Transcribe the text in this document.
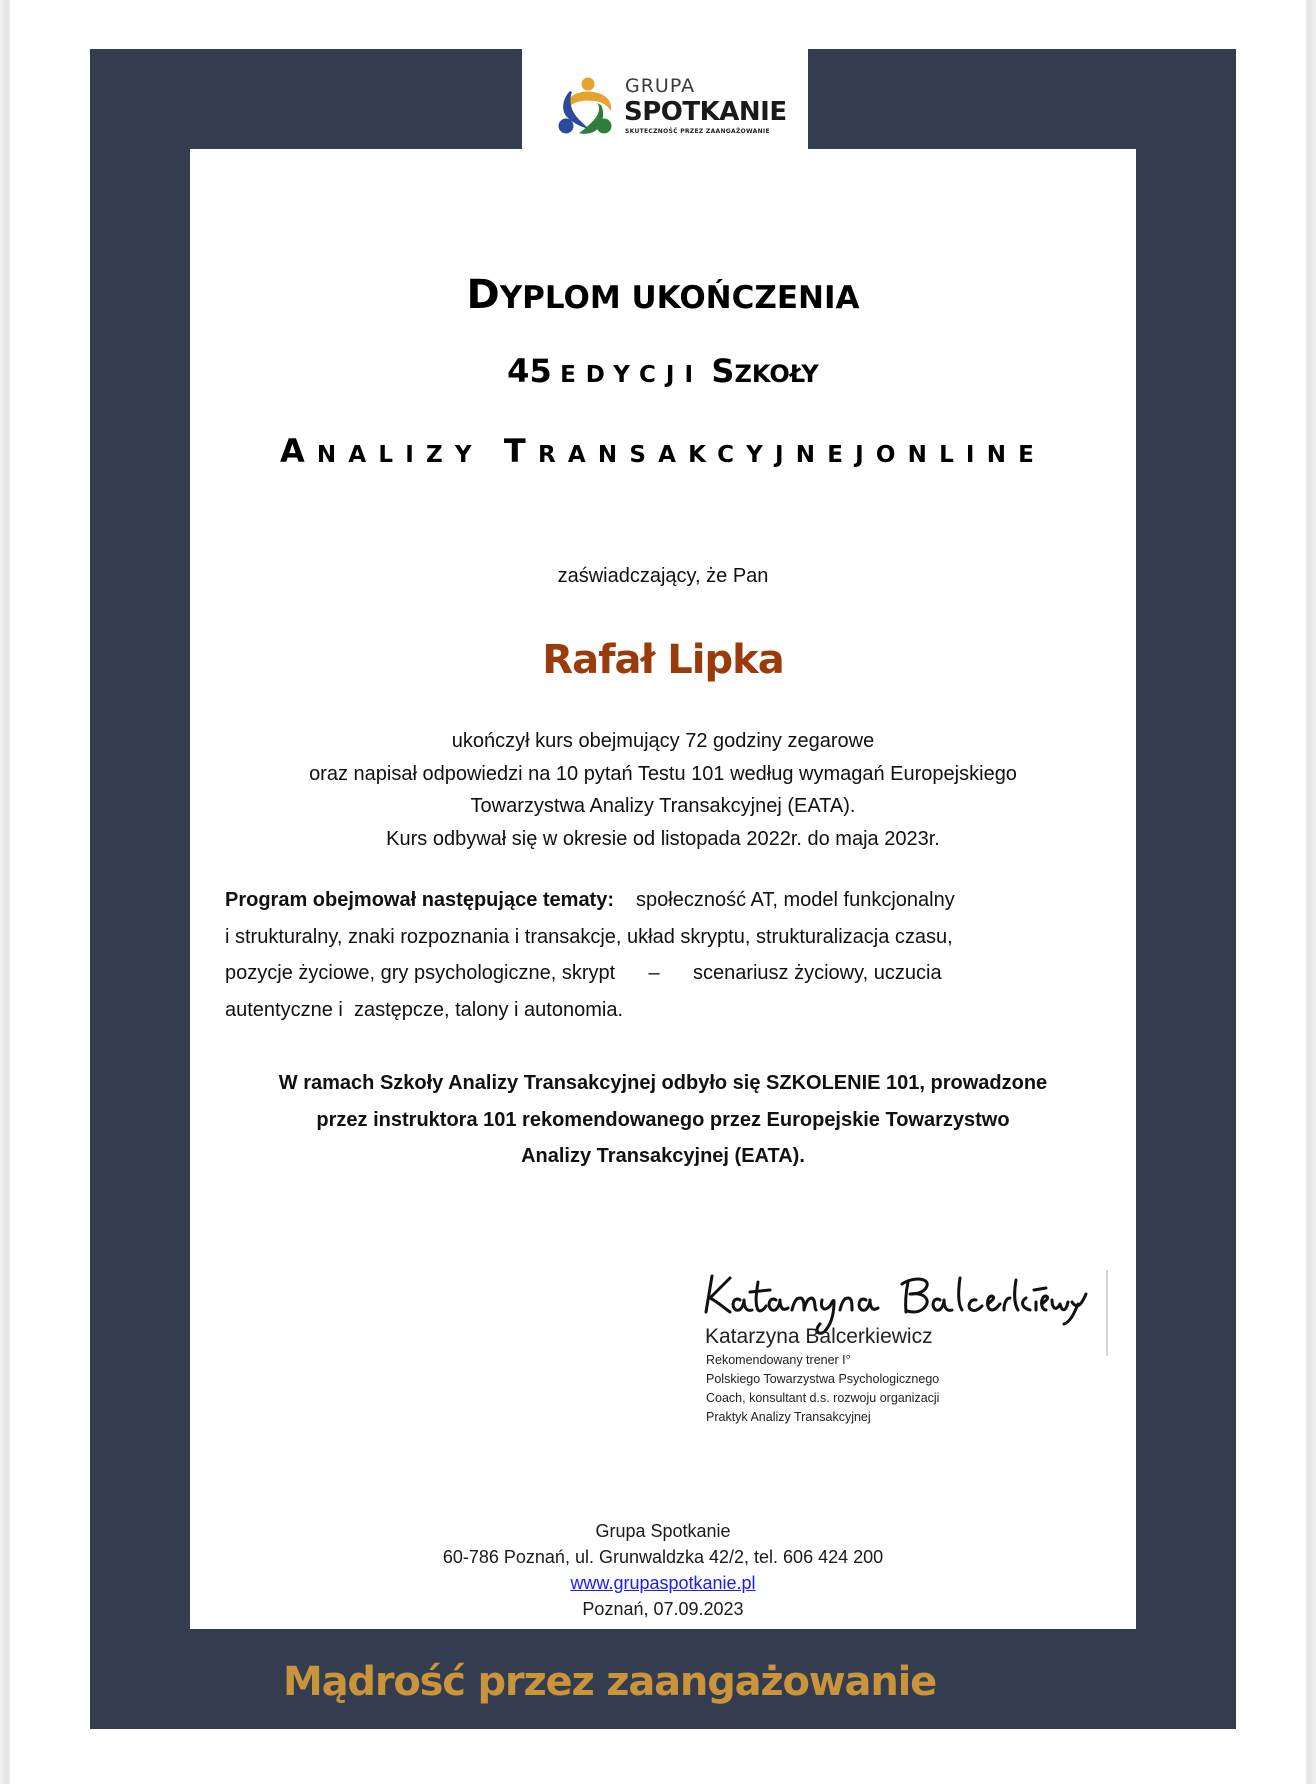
GRUPA
SPOTKANIE
SKUTECZNOŚĆ PRZEZ ZAANGAŻOWANIE
DYPLOM UKOŃCZENIA
45 EDYCJI SZKOŁY
ANALIZY TRANSAKCYJNEJONLINE
zaświadczający, że Pan
Rafał Lipka
ukończył kurs obejmujący 72 godziny zegarowe
oraz napisał odpowiedzi na 10 pytań Testu 101 według wymagań Europejskiego
Towarzystwa Analizy Transakcyjnej (EATA).
Kurs odbywał się w okresie od listopada 2022r. do maja 2023r.
Program obejmował następujące tematy: społeczność AT, model funkcjonalny
i strukturalny, znaki rozpoznania i transakcje, układ skryptu, strukturalizacja czasu,
pozycje życiowe, gry psychologiczne, skrypt      –      scenariusz życiowy, uczucia
autentyczne i  zastępcze, talony i autonomia.
W ramach Szkoły Analizy Transakcyjnej odbyło się SZKOLENIE 101, prowadzone
przez instruktora 101 rekomendowanego przez Europejskie Towarzystwo
Analizy Transakcyjnej (EATA).
Katarzyna Balcerkiewicz
Rekomendowany trener I°
Polskiego Towarzystwa Psychologicznego
Coach, konsultant d.s. rozwoju organizacji
Praktyk Analizy Transakcyjnej
Grupa Spotkanie
60-786 Poznań, ul. Grunwaldzka 42/2, tel. 606 424 200
www.grupaspotkanie.pl
Poznań, 07.09.2023
Mądrość przez zaangażowanie
